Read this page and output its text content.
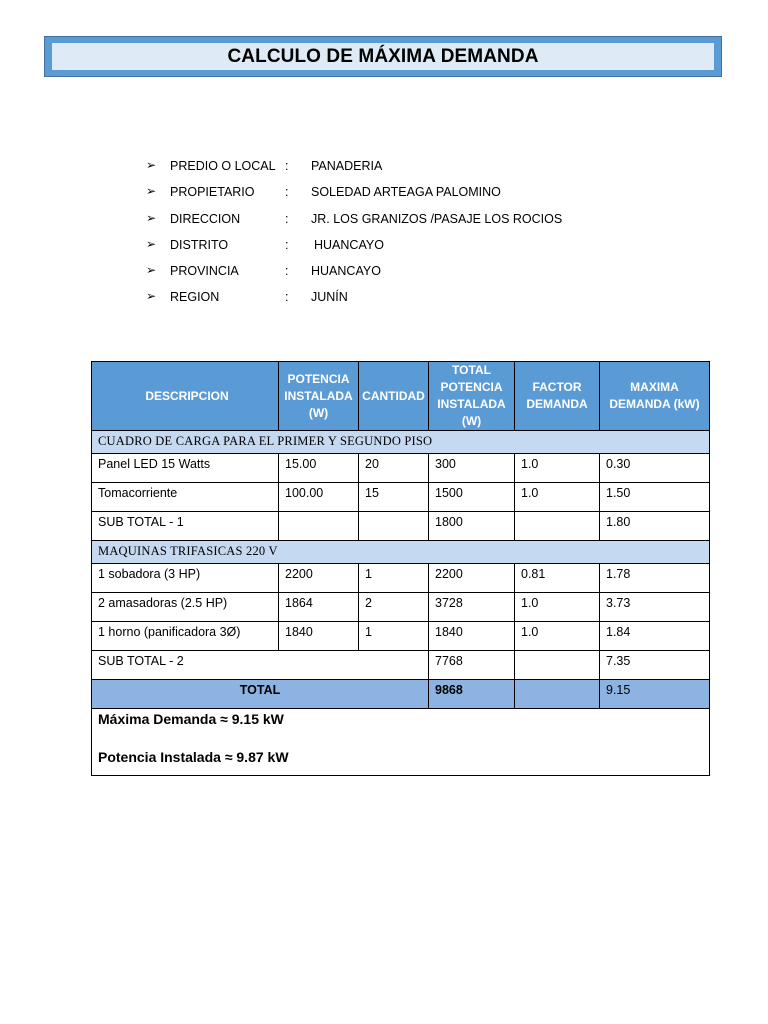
CALCULO DE MÁXIMA DEMANDA
➢ PREDIO O LOCAL : PANADERIA
➢ PROPIETARIO : SOLEDAD ARTEAGA PALOMINO
➢ DIRECCION	: JR. LOS GRANIZOS /PASAJE LOS ROCIOS
➢ DISTRITO	: HUANCAYO
➢ PROVINCIA	: HUANCAYO
➢ REGION	: JUNÍN
DESCRIPCION	POTENCIA INSTALADA (W)	CANTIDAD	TOTAL POTENCIA INSTALADA (W)	FACTOR DEMANDA	MAXIMA DEMANDA (kW)
CUADRO DE CARGA PARA EL PRIMER Y SEGUNDO PISO					
Panel LED 15 Watts	15.00	20	300	1.0	0.30
Tomacorriente	100.00	15	1500	1.0	1.50
SUB TOTAL - 1			1800		1.80
MAQUINAS TRIFASICAS 220 V					
1 sobadora (3 HP)	2200	1	2200	0.81	1.78
2 amasadoras (2.5 HP)	1864	2	3728	1.0	3.73
1 horno (panificadora 3Ø)	1840	1	1840	1.0	1.84
SUB TOTAL - 2			7768		7.35
TOTAL			9868		9.15

Máxima Demanda ≈ 9.15 kW
Potencia Instalada ≈ 9.87 kW					
